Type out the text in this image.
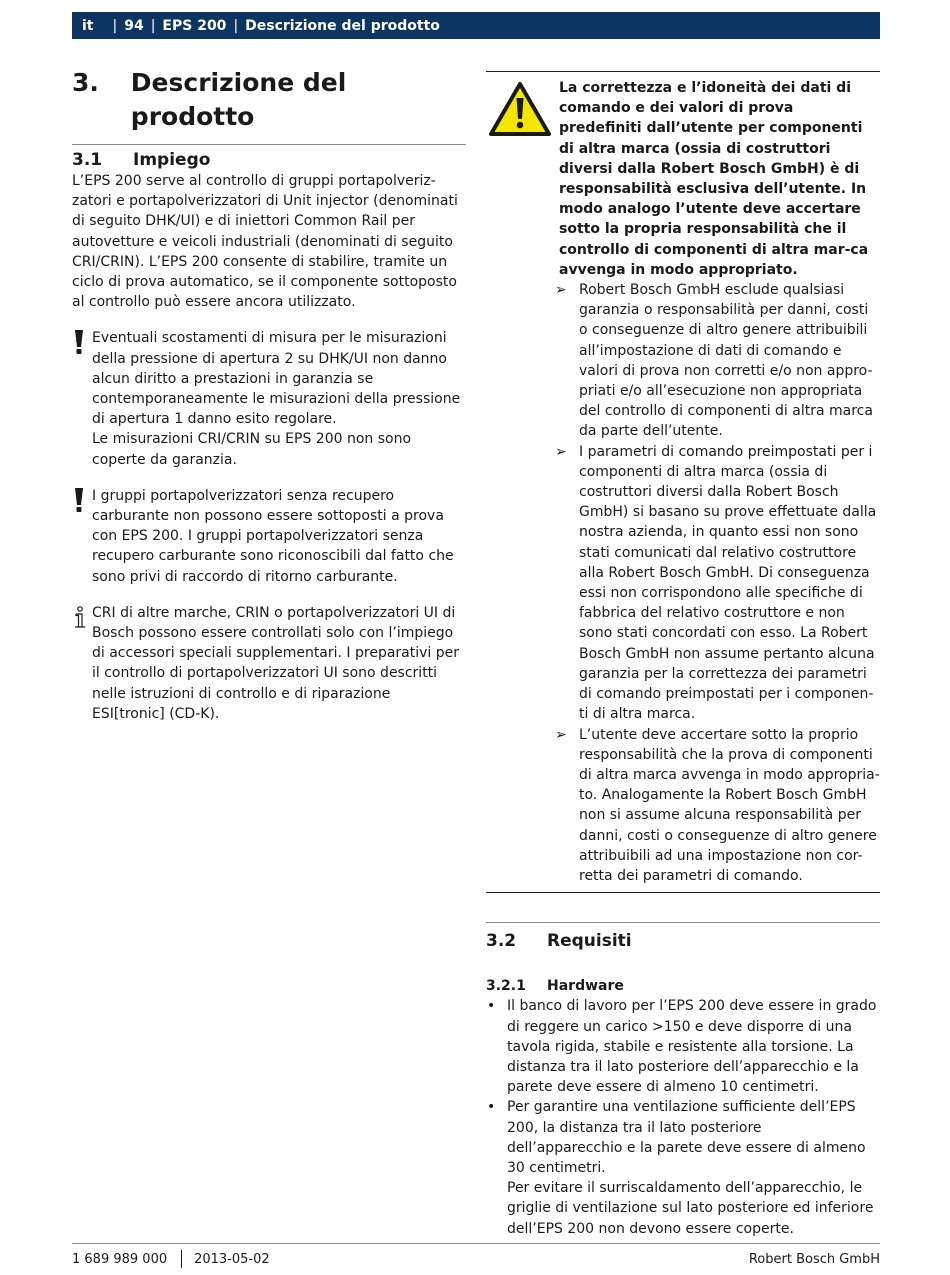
it	| 94 | EPS 200 | Descrizione del prodotto
3.	Descrizione del prodotto
3.1	Impiego

L’EPS 200 serve al controllo di gruppi portapolveriz-zatori e portapolverizzatori di Unit injector (denominati di seguito DHK/UI) e di iniettori Common Rail per autovetture e veicoli industriali (denominati di seguito CRI/CRIN). L’EPS 200 consente di stabilire, tramite un ciclo di prova automatico, se il componente sottoposto al controllo può essere ancora utilizzato.

Eventuali scostamenti di misura per le misurazioni della pressione di apertura 2 su DHK/UI non danno alcun diritto a prestazioni in garanzia se contemporaneamente le misurazioni della pressione di apertura 1 danno esito regolare.
Le misurazioni CRI/CRIN su EPS 200 non sono coperte da garanzia.

I gruppi portapolverizzatori senza recupero carburante non possono essere sottoposti a prova con EPS 200. I gruppi portapolverizzatori senza recupero carburante sono riconoscibili dal fatto che sono privi di raccordo di ritorno carburante.

CRI di altre marche, CRIN o portapolverizzatori UI di Bosch possono essere controllati solo con l’impiego di accessori speciali supplementari. I preparativi per il controllo di portapolverizzatori UI sono descritti nelle istruzioni di controllo e di riparazione ESI[tronic] (CD-K).

La correttezza e l’idoneità dei dati di comando e dei valori di prova predefiniti dall’utente per componenti di altra marca (ossia di costruttori diversi dalla Robert Bosch GmbH) è di responsabilità esclusiva dell’utente. In modo analogo l’utente deve accertare sotto la propria responsabilità che il controllo di componenti di altra mar-ca avvenga in modo appropriato.
➢ Robert Bosch GmbH esclude qualsiasi garanzia o responsabilità per danni, costi o conseguenze di altro genere attribuibili all’impostazione di dati di comando e valori di prova non corretti e/o non appro-priati e/o all’esecuzione non appropriata del controllo di componenti di altra marca da parte dell’utente.
➢ I parametri di comando preimpostati per i componenti di altra marca (ossia di costruttori diversi dalla Robert Bosch GmbH) si basano su prove effettuate dalla nostra azienda, in quanto essi non sono stati comunicati dal relativo costruttore alla Robert Bosch GmbH. Di conseguenza essi non corrispondono alle specifiche di fabbrica del relativo costruttore e non sono stati concordati con esso. La Robert Bosch GmbH non assume pertanto alcuna garanzia per la correttezza dei parametri di comando preimpostati per i componen-ti di altra marca.
➢ L’utente deve accertare sotto la proprio responsabilità che la prova di componenti di altra marca avvenga in modo appropria-to. Analogamente la Robert Bosch GmbH non si assume alcuna responsabilità per danni, costi o conseguenze di altro genere attribuibili ad una impostazione non cor-retta dei parametri di comando.
3.2	Requisiti
3.2.1	Hardware
• Il banco di lavoro per l’EPS 200 deve essere in grado di reggere un carico >150 e deve disporre di una tavola rigida, stabile e resistente alla torsione. La distanza tra il lato posteriore dell’apparecchio e la parete deve essere di almeno 10 centimetri.
• Per garantire una ventilazione sufficiente dell’EPS 200, la distanza tra il lato posteriore dell’apparecchio e la parete deve essere di almeno 30 centimetri.
Per evitare il surriscaldamento dell’apparecchio, le griglie di ventilazione sul lato posteriore ed inferiore dell’EPS 200 non devono essere coperte.
1 689 989 000 2013-05-02	Robert Bosch GmbH
